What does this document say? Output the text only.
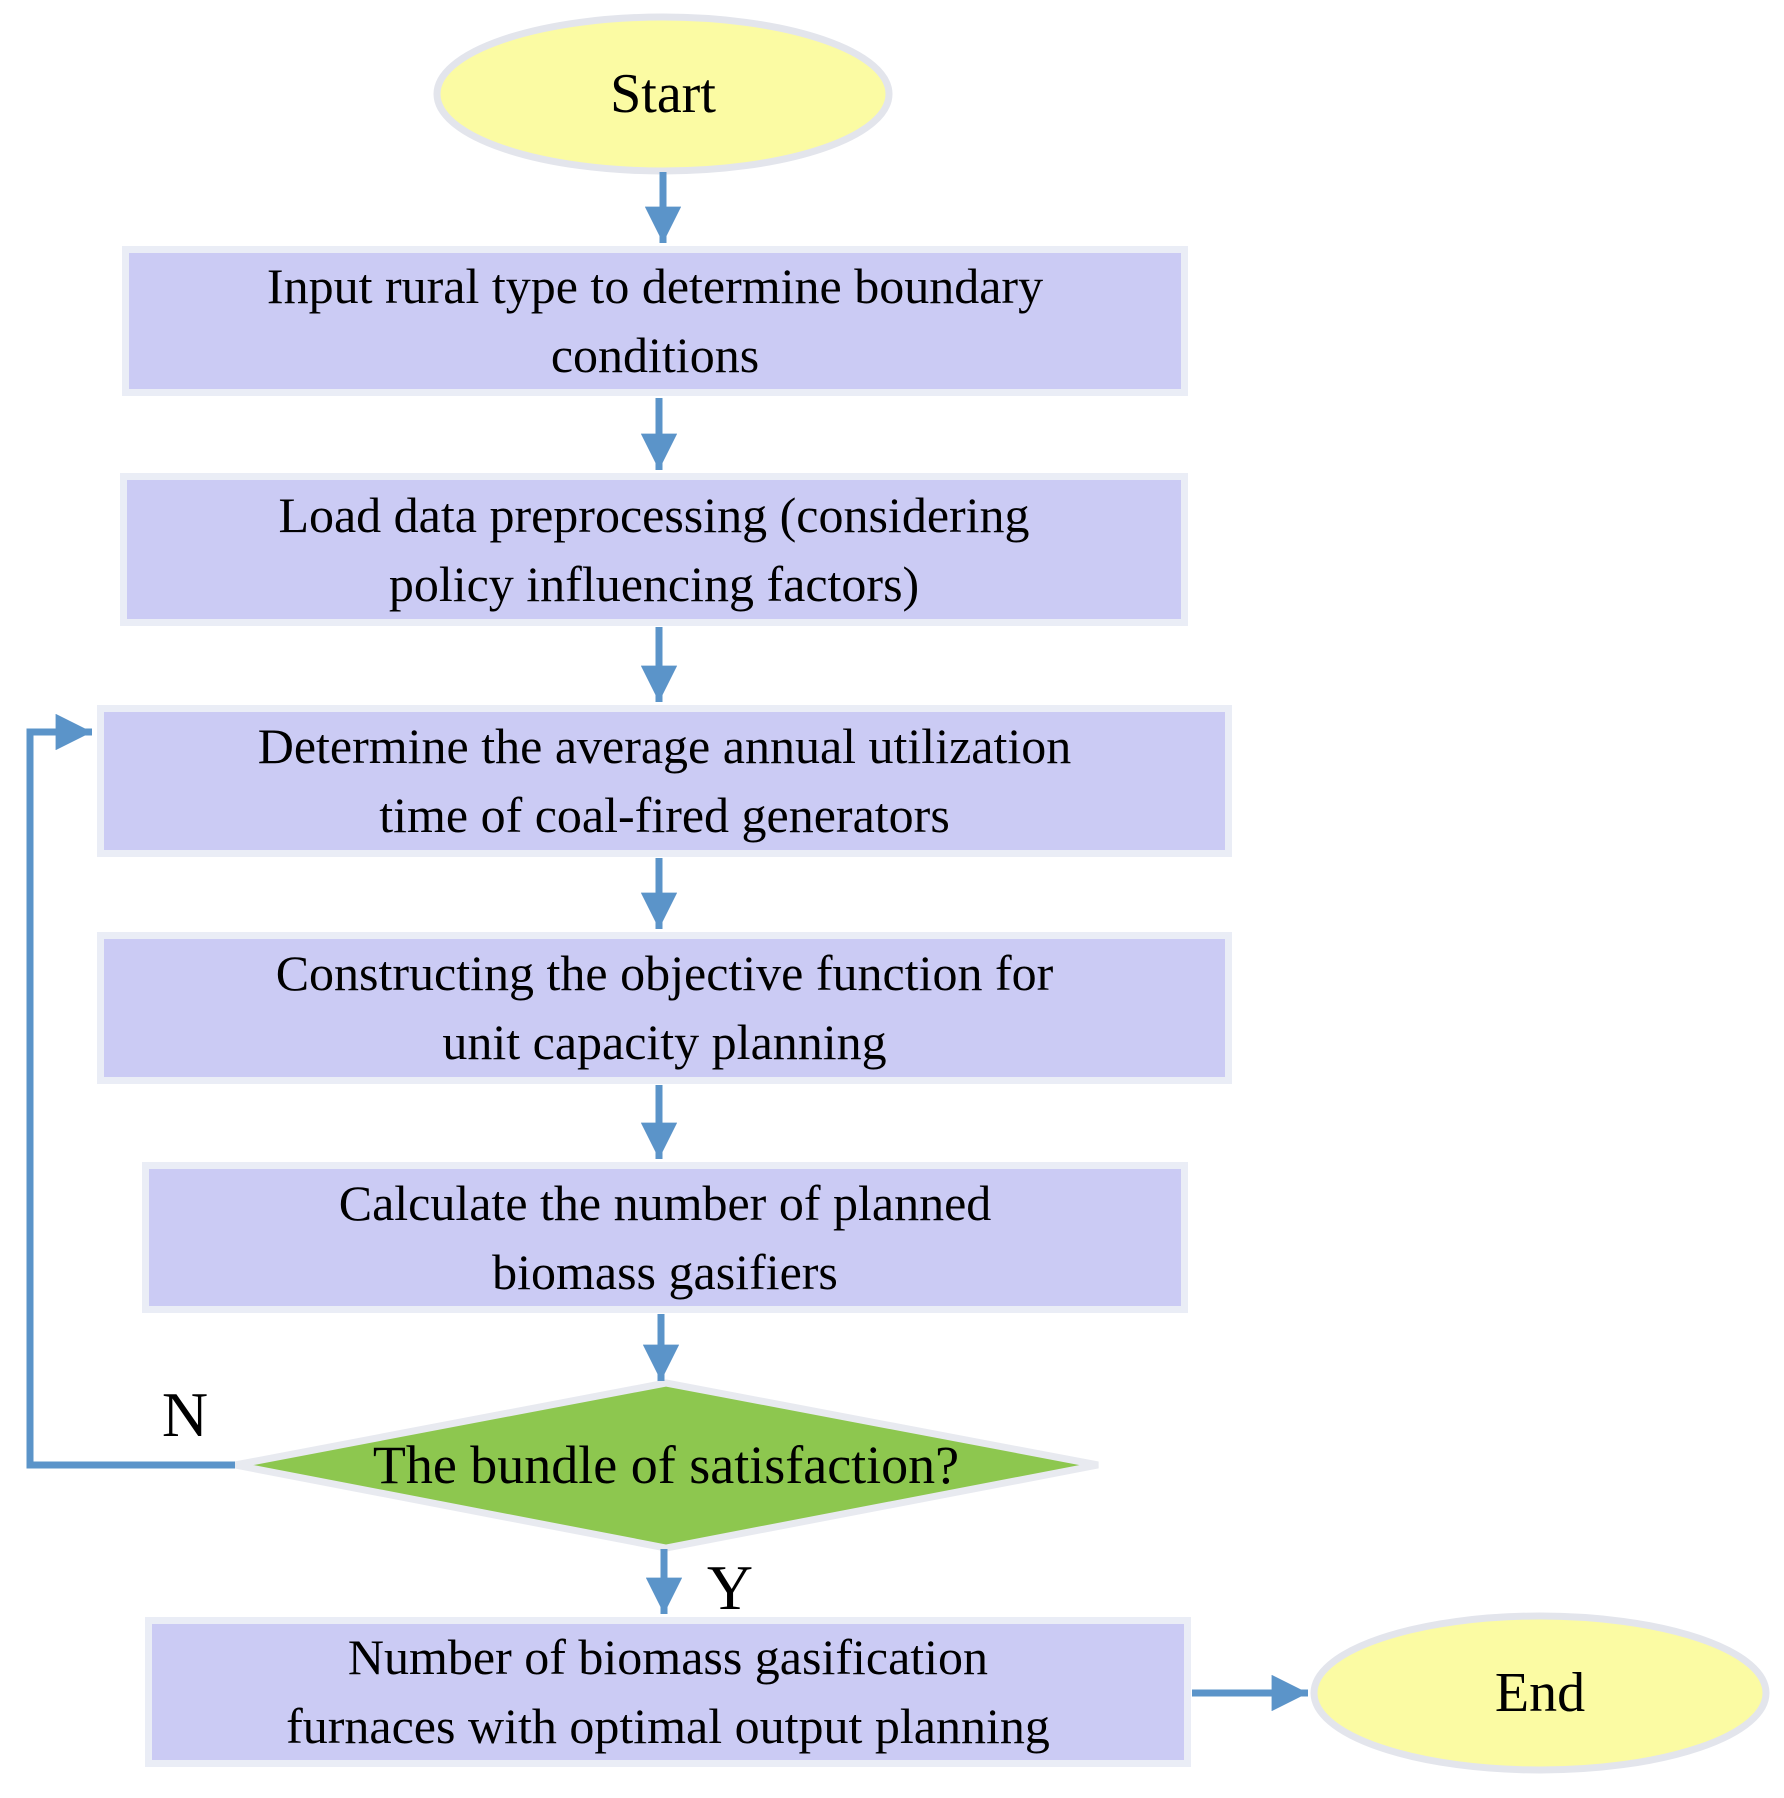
Input rural type to determine boundary
conditions
Load data preprocessing (considering
policy influencing factors)
Determine the average annual utilization
time of coal-fired generators
Constructing the objective function for
unit capacity planning
Calculate the number of planned
biomass gasifiers
Number of biomass gasification
furnaces with optimal output planning
Start
End
The bundle of satisfaction?
N
Y
